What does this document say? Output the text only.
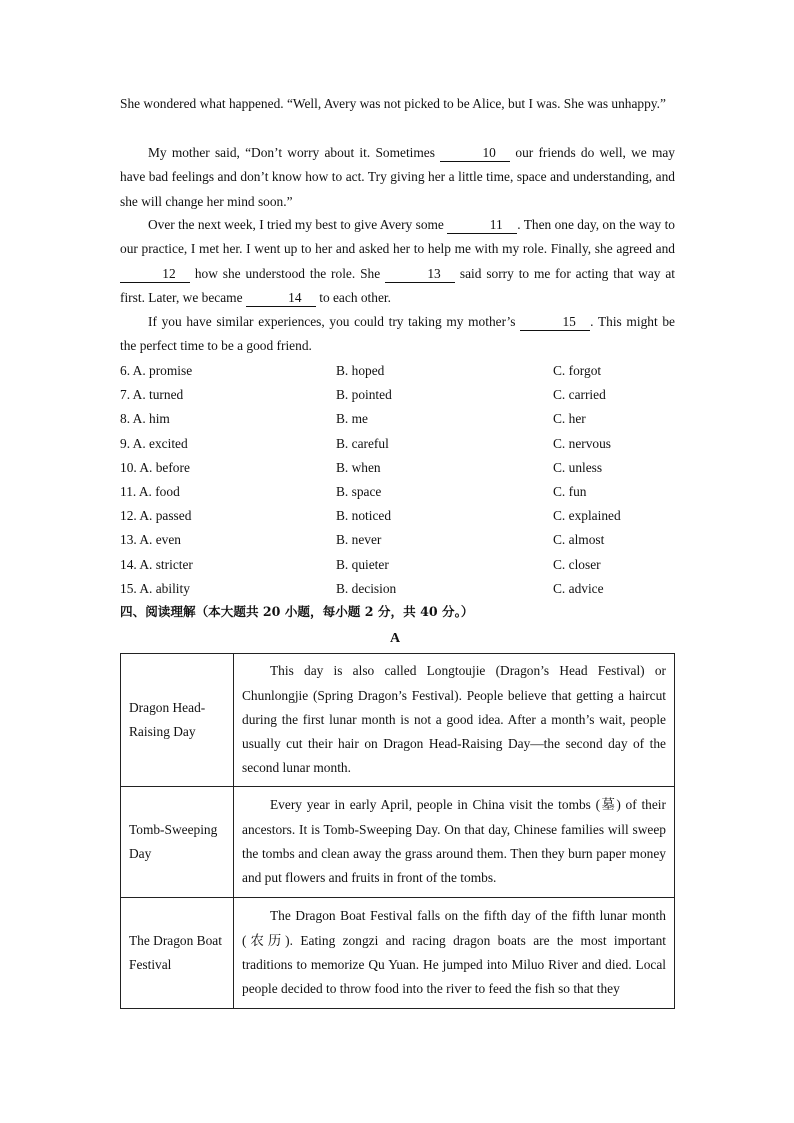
She wondered what happened. “Well, Avery was not picked to be Alice, but I was. She was unhappy.”
My mother said, “Don’t worry about it. Sometimes	10 our friends do well, we may have bad feelings and don’t know how to act. Try giving her a little time, space and understanding, and she will change her mind soon.”
Over the next week, I tried my best to give Avery some	11 . Then one day, on the way to our practice, I met her. I went up to her and asked her to help me with my role. Finally, she agreed and 12 how she understood the role. She	13 said sorry to me for acting that way at first. Later, we became	14 to each other.
If you have similar experiences, you could try taking my mother’s	15 . This might be the perfect time to be a good friend.
6. A. promise	B. hoped	C. forgot
7. A. turned	B. pointed	C. carried
8. A. him	B. me	C. her
9. A. excited	B. careful	C. nervous
10. A. before	B. when	C. unless
11. A. food	B. space	C. fun
12. A. passed	B. noticed	C. explained
13. A. even	B. never	C. almost
14. A. stricter	B. quieter	C. closer
15. A. ability	B. decision	C. advice
四、阅读理解（本大题共 20 小题，每小题 2 分，共 40 分。）
A
Dragon Head-Raising Day	This day is also called Longtoujie (Dragon’s Head Festival) or Chunlongjie (Spring Dragon’s Festival). People believe that getting a haircut during the first lunar month is not a good idea. After a month’s wait, people usually cut their hair on Dragon Head-Raising Day—the second day of the second lunar month.
Tomb-Sweeping Day	Every year in early April, people in China visit the tombs (墓) of their ancestors. It is Tomb-Sweeping Day. On that day, Chinese families will sweep the tombs and clean away the grass around them. Then they burn paper money and put flowers and fruits in front of the tombs.
The Dragon Boat Festival	The Dragon Boat Festival falls on the fifth day of the fifth lunar month (农历). Eating zongzi and racing dragon boats are the most important traditions to memorize Qu Yuan. He jumped into Miluo River and died. Local people decided to throw food into the river to feed the fish so that they
